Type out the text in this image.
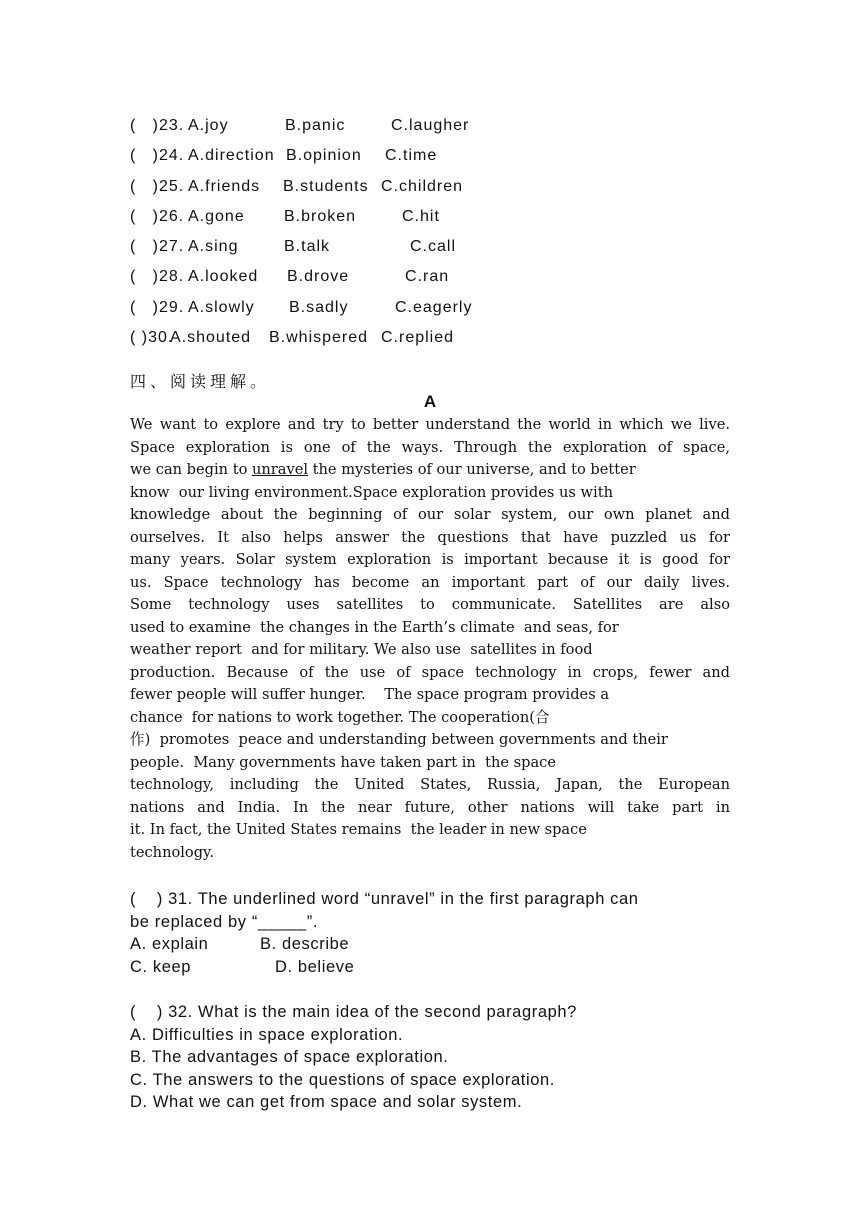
(   )23. A.joy	B.panic	C.laugher
(   )24. A.direction B.opinion C.time
(   )25. A.friends B.students C.children
(   )26. A.gone B.broken	C.hit
(   )27. A.sing	B.talk	C.call
(   )28. A.looked B.drove	C.ran
(   )29. A.slowly B.sadly	C.eagerly
( )30.A.shouted B.whispered C.replied
四、阅读理解。
A
We want to explore and try to better understand the world in which we live.
Space exploration is one of the ways. Through the exploration of space,
we can begin to unravel the mysteries of our universe, and to better
know  our living environment.Space exploration provides us with
knowledge about the beginning of our solar system, our own planet and
ourselves. It also helps answer the questions that have puzzled us for
many years. Solar system exploration is important because it is good for
us. Space technology has become an important part of our daily lives.
Some technology uses satellites to communicate. Satellites are also
used to examine  the changes in the Earth’s climate  and seas, for
weather report  and for military. We also use  satellites in food
production. Because of the use of space technology in crops, fewer and
fewer people will suffer hunger.    The space program provides a
chance  for nations to work together. The cooperation(合
作)  promotes  peace and understanding between governments and their
people.  Many governments have taken part in  the space
technology, including the United States, Russia, Japan, the European
nations and India. In the near future, other nations will take part in
it. In fact, the United States remains  the leader in new space
technology.
(    ) 31. The underlined word “unravel” in the first paragraph can
be replaced by “_____”.
A. explain	B. describe
C. keep	D. believe
(    ) 32. What is the main idea of the second paragraph?
A. Difficulties in space exploration.
B. The advantages of space exploration.
C. The answers to the questions of space exploration.
D. What we can get from space and solar system.
